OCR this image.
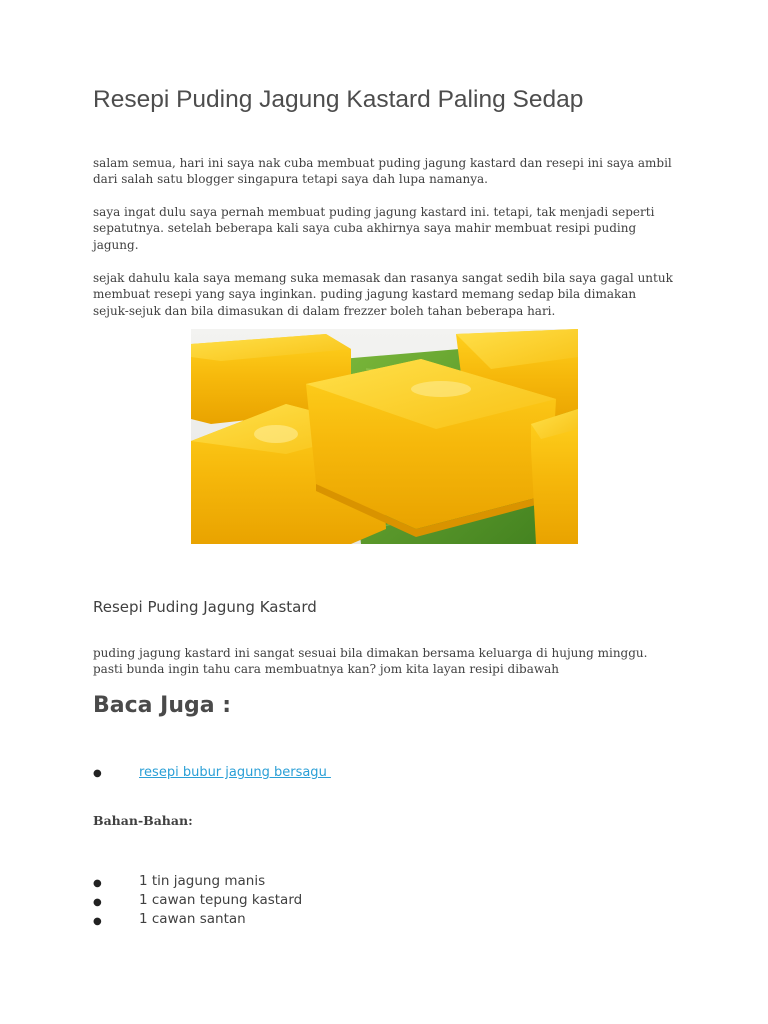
Resepi Puding Jagung Kastard Paling Sedap

salam semua, hari ini saya nak cuba membuat puding jagung kastard dan resepi ini saya ambil dari salah satu blogger singapura tetapi saya dah lupa namanya.

saya ingat dulu saya pernah membuat puding jagung kastard ini. tetapi, tak menjadi seperti sepatutnya. setelah beberapa kali saya cuba akhirnya saya mahir membuat resipi puding jagung.

sejak dahulu kala saya memang suka memasak dan rasanya sangat sedih bila saya gagal untuk membuat resepi yang saya inginkan. puding jagung kastard memang sedap bila dimakan sejuk-sejuk dan bila dimasukan di dalam frezzer boleh tahan beberapa hari.

Resepi Puding Jagung Kastard

puding jagung kastard ini sangat sesuai bila dimakan bersama keluarga di hujung minggu. pasti bunda ingin tahu cara membuatnya kan? jom kita layan resipi dibawah

Baca Juga :
●	resepi bubur jagung bersagu
Bahan-Bahan:
●	1 tin jagung manis
●	1 cawan tepung kastard
●	1 cawan santan
